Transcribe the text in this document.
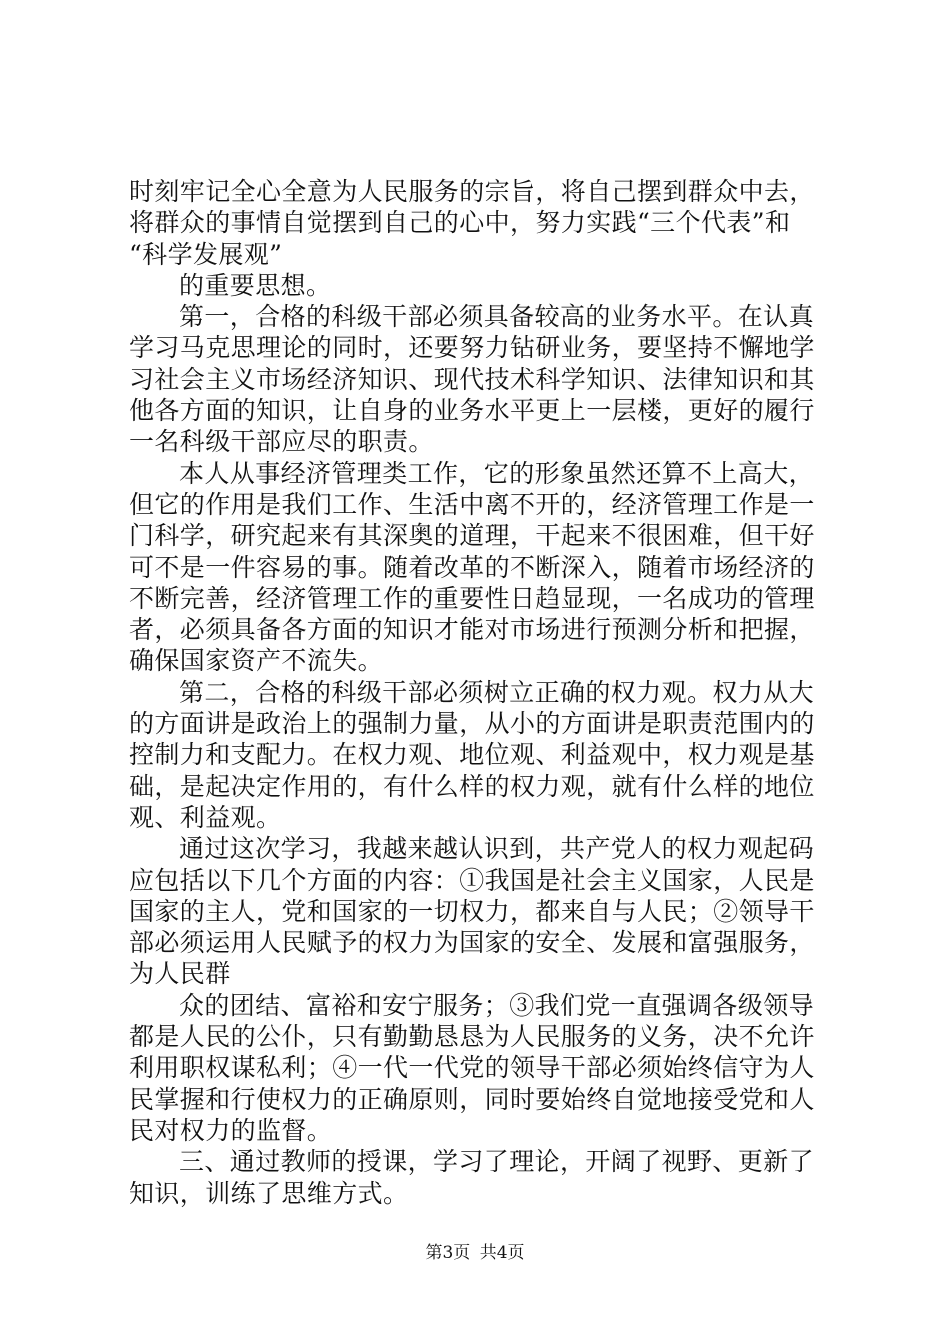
时刻牢记全心全意为人民服务的宗旨，将自己摆到群众中去，
将群众的事情自觉摆到自己的心中，努力实践“三个代表”和
“科学发展观”
的重要思想。
第一，合格的科级干部必须具备较高的业务水平。在认真
学习马克思理论的同时，还要努力钻研业务，要坚持不懈地学
习社会主义市场经济知识、现代技术科学知识、法律知识和其
他各方面的知识，让自身的业务水平更上一层楼，更好的履行
一名科级干部应尽的职责。
本人从事经济管理类工作，它的形象虽然还算不上高大，
但它的作用是我们工作、生活中离不开的，经济管理工作是一
门科学，研究起来有其深奥的道理，干起来不很困难，但干好
可不是一件容易的事。随着改革的不断深入，随着市场经济的
不断完善，经济管理工作的重要性日趋显现，一名成功的管理
者，必须具备各方面的知识才能对市场进行预测分析和把握，
确保国家资产不流失。
第二，合格的科级干部必须树立正确的权力观。权力从大
的方面讲是政治上的强制力量，从小的方面讲是职责范围内的
控制力和支配力。在权力观、地位观、利益观中，权力观是基
础，是起决定作用的，有什么样的权力观，就有什么样的地位
观、利益观。
通过这次学习，我越来越认识到，共产党人的权力观起码
应包括以下几个方面的内容：①我国是社会主义国家，人民是
国家的主人，党和国家的一切权力，都来自与人民；②领导干
部必须运用人民赋予的权力为国家的安全、发展和富强服务，
为人民群
众的团结、富裕和安宁服务；③我们党一直强调各级领导
都是人民的公仆，只有勤勤恳恳为人民服务的义务，决不允许
利用职权谋私利；④一代一代党的领导干部必须始终信守为人
民掌握和行使权力的正确原则，同时要始终自觉地接受党和人
民对权力的监督。
三、通过教师的授课，学习了理论，开阔了视野、更新了
知识，训练了思维方式。
第3页 共4页
